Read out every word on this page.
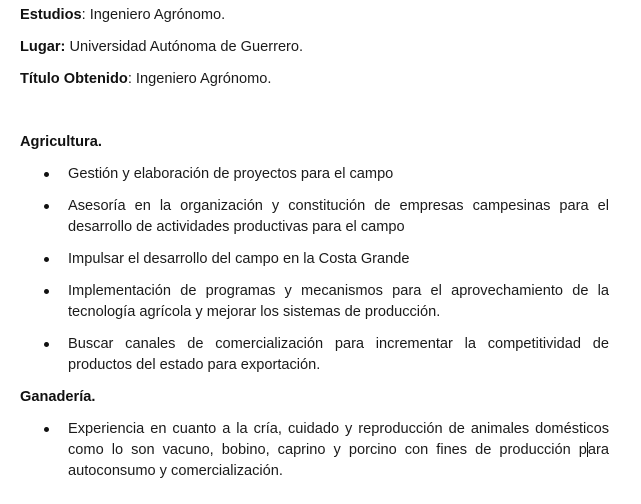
Estudios: Ingeniero Agrónomo.
Lugar: Universidad Autónoma de Guerrero.
Título Obtenido: Ingeniero Agrónomo.
Agricultura.
Gestión y elaboración de proyectos para el campo
Asesoría en la organización y constitución de empresas campesinas para el desarrollo de actividades productivas para el campo
Impulsar el desarrollo del campo en la Costa Grande
Implementación de programas y mecanismos para el aprovechamiento de la tecnología agrícola y mejorar los sistemas de producción.
Buscar canales de comercialización para incrementar la competitividad de productos del estado para exportación.
Ganadería.
Experiencia en cuanto a la cría, cuidado y reproducción de animales domésticos como lo son vacuno, bobino, caprino y porcino con fines de producción para autoconsumo y comercialización.
